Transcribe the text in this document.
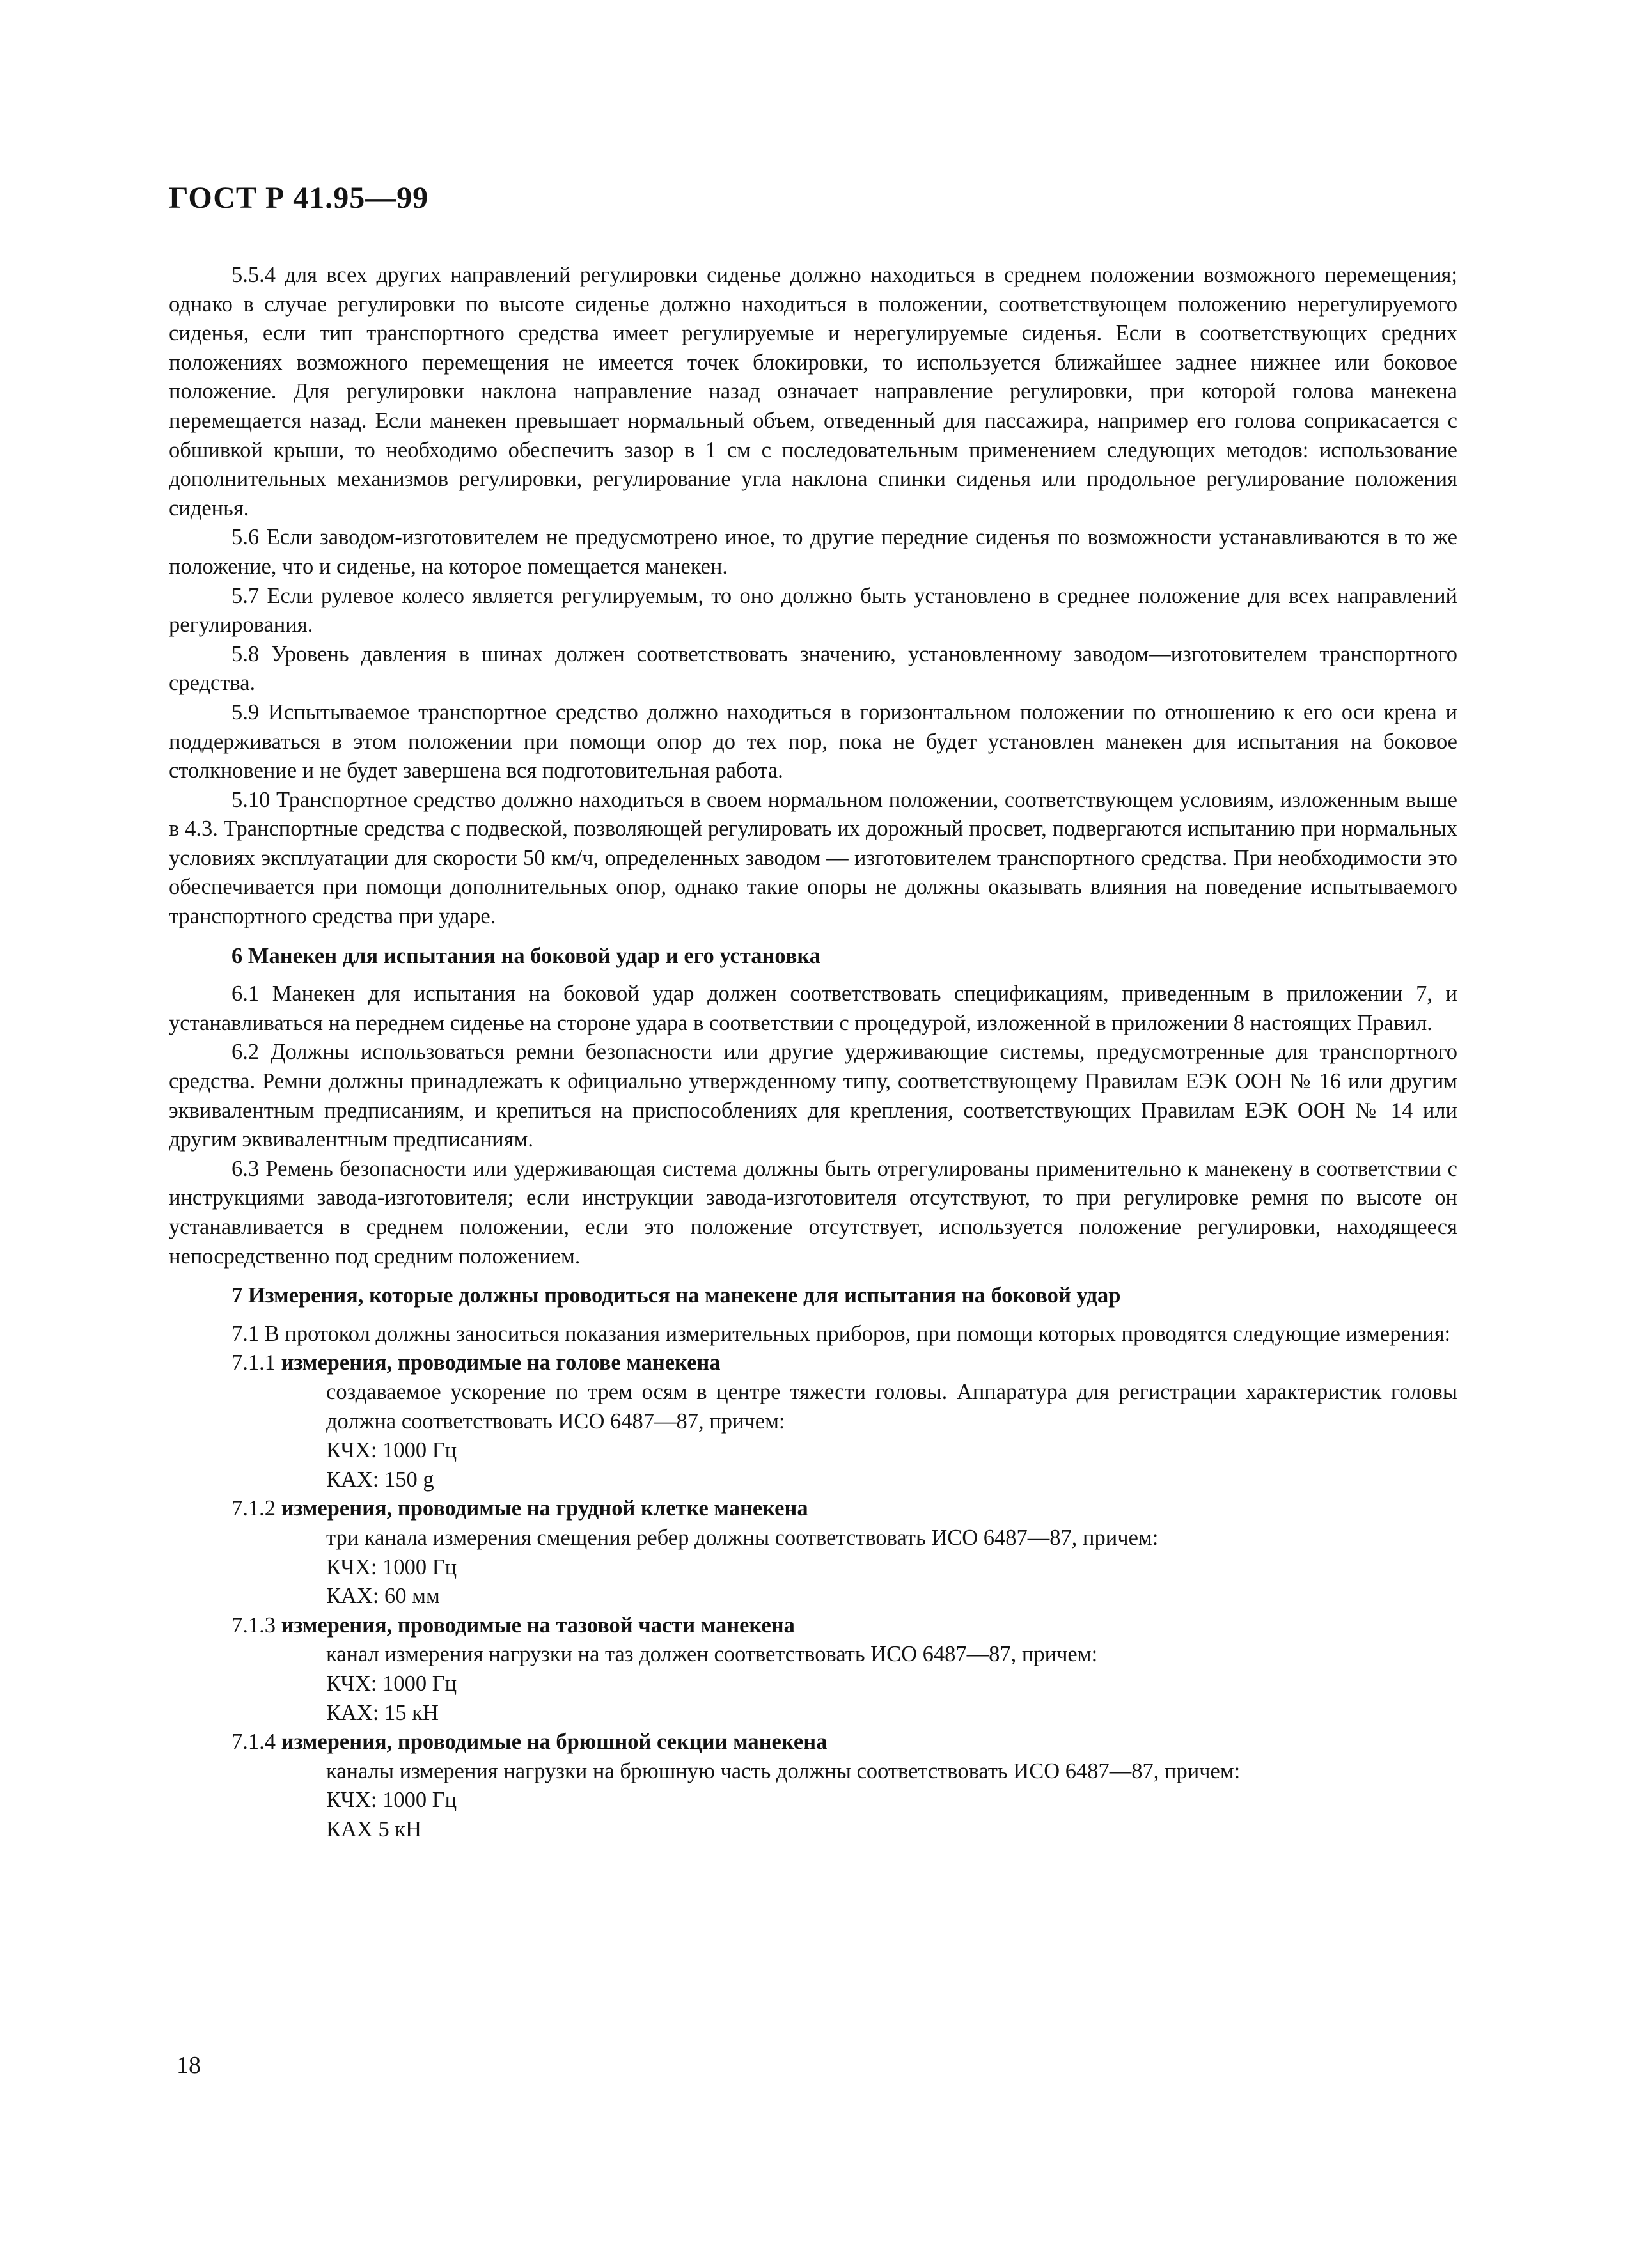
ГОСТ Р 41.95—99

5.5.4 для всех других направлений регулировки сиденье должно находиться в среднем положении возможного перемещения; однако в случае регулировки по высоте сиденье должно находиться в положении, соответствующем положению нерегулируемого сиденья, если тип транспортного средства имеет регулируемые и нерегулируемые сиденья. Если в соответствующих средних положениях возможного перемещения не имеется точек блокировки, то используется ближайшее заднее нижнее или боковое положение. Для регулировки наклона направление назад означает направление регулировки, при которой голова манекена перемещается назад. Если манекен превышает нормальный объем, отведенный для пассажира, например его голова соприкасается с обшивкой крыши, то необходимо обеспечить зазор в 1 см с последовательным применением следующих методов: использование дополнительных механизмов регулировки, регулирование угла наклона спинки сиденья или продольное регулирование положения сиденья.

5.6 Если заводом-изготовителем не предусмотрено иное, то другие передние сиденья по возможности устанавливаются в то же положение, что и сиденье, на которое помещается манекен.

5.7 Если рулевое колесо является регулируемым, то оно должно быть установлено в среднее положение для всех направлений регулирования.

5.8 Уровень давления в шинах должен соответствовать значению, установленному заводом—изготовителем транспортного средства.

5.9 Испытываемое транспортное средство должно находиться в горизонтальном положении по отношению к его оси крена и поддерживаться в этом положении при помощи опор до тех пор, пока не будет установлен манекен для испытания на боковое столкновение и не будет завершена вся подготовительная работа.

5.10 Транспортное средство должно находиться в своем нормальном положении, соответствующем условиям, изложенным выше в 4.3. Транспортные средства с подвеской, позволяющей регулировать их дорожный просвет, подвергаются испытанию при нормальных условиях эксплуатации для скорости 50 км/ч, определенных заводом — изготовителем транспортного средства. При необходимости это обеспечивается при помощи дополнительных опор, однако такие опоры не должны оказывать влияния на поведение испытываемого транспортного средства при ударе.

6 Манекен для испытания на боковой удар и его установка

6.1 Манекен для испытания на боковой удар должен соответствовать спецификациям, приведенным в приложении 7, и устанавливаться на переднем сиденье на стороне удара в соответствии с процедурой, изложенной в приложении 8 настоящих Правил.

6.2 Должны использоваться ремни безопасности или другие удерживающие системы, предусмотренные для транспортного средства. Ремни должны принадлежать к официально утвержденному типу, соответствующему Правилам ЕЭК ООН № 16 или другим эквивалентным предписаниям, и крепиться на приспособлениях для крепления, соответствующих Правилам ЕЭК ООН № 14 или другим эквивалентным предписаниям.

6.3 Ремень безопасности или удерживающая система должны быть отрегулированы применительно к манекену в соответствии с инструкциями завода-изготовителя; если инструкции завода-изготовителя отсутствуют, то при регулировке ремня по высоте он устанавливается в среднем положении, если это положение отсутствует, используется положение регулировки, находящееся непосредственно под средним положением.

7 Измерения, которые должны проводиться на манекене для испытания на боковой удар

7.1 В протокол должны заноситься показания измерительных приборов, при помощи которых проводятся следующие измерения:

7.1.1 измерения, проводимые на голове манекена

создаваемое ускорение по трем осям в центре тяжести головы. Аппаратура для регистрации характеристик головы должна соответствовать ИСО 6487—87, причем:

КЧХ: 1000 Гц

КАХ: 150 g

7.1.2 измерения, проводимые на грудной клетке манекена

три канала измерения смещения ребер должны соответствовать ИСО 6487—87, причем:

КЧХ: 1000 Гц

КАХ: 60 мм

7.1.3 измерения, проводимые на тазовой части манекена

канал измерения нагрузки на таз должен соответствовать ИСО 6487—87, причем:

КЧХ: 1000 Гц

КАХ: 15 кН

7.1.4 измерения, проводимые на брюшной секции манекена

каналы измерения нагрузки на брюшную часть должны соответствовать ИСО 6487—87, причем:

КЧХ: 1000 Гц

КАХ 5 кН

18
